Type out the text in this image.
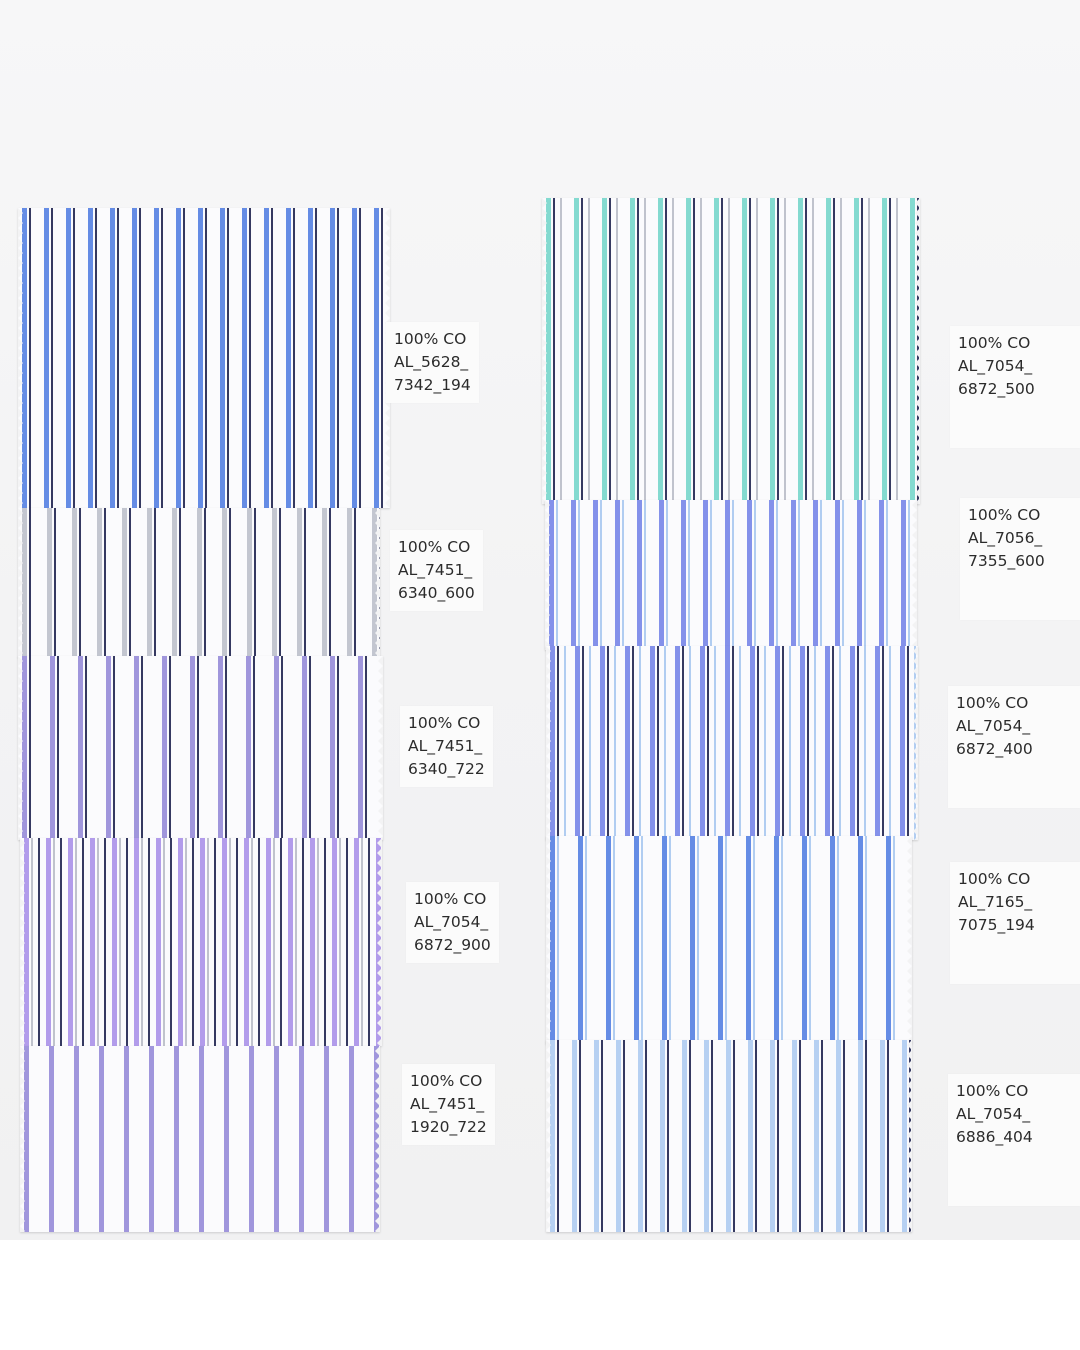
100% CO
AL_5628_
7342_194
100% CO
AL_7451_
6340_600
100% CO
AL_7451_
6340_722
100% CO
AL_7054_
6872_900
100% CO
AL_7451_
1920_722
100% CO
AL_7054_
6872_500
100% CO
AL_7056_
7355_600
100% CO
AL_7054_
6872_400
100% CO
AL_7165_
7075_194
100% CO
AL_7054_
6886_404
